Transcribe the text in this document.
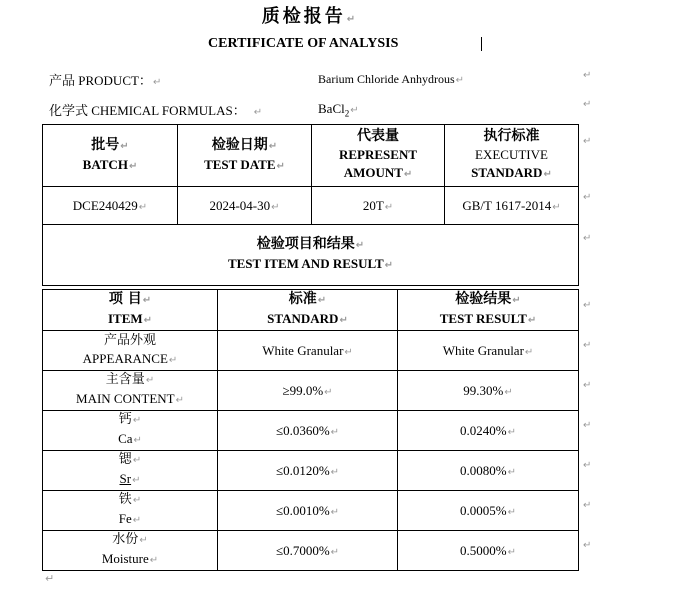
质检报告↵
CERTIFICATE OF ANALYSIS
产品 PRODUCT：↵	Barium Chloride Anhydrous↵	↵
化学式 CHEMICAL FORMULAS： ↵	BaCl$_2$↵
↵
批号↵
BATCH↵	检验日期↵
TEST DATE↵	代表量
REPRESENT
AMOUNT↵	执行标准
EXECUTIVE
STANDARD↵

DCE240429↵	2024-04-30↵	20T↵	GB/T 1617-2014↵

检验项目和结果↵
TEST ITEM AND RESULT↵			
项 目↵
ITEM↵	标准↵
STANDARD↵	检验结果↵
TEST RESULT↵

产品外观
APPEARANCE↵	White Granular↵	White Granular↵

主含量↵
MAIN CONTENT↵	≥99.0%↵	99.30%↵

钙↵
Ca↵	≤0.0360%↵	0.0240%↵

锶↵
Sr↵	≤0.0120%↵	0.0080%↵

铁↵
Fe↵	≤0.0010%↵	0.0005%↵

水份↵
Moisture↵	≤0.7000%↵	0.5000%↵
↵
↵
↵
↵
↵
↵
↵
↵
↵
↵
↵
